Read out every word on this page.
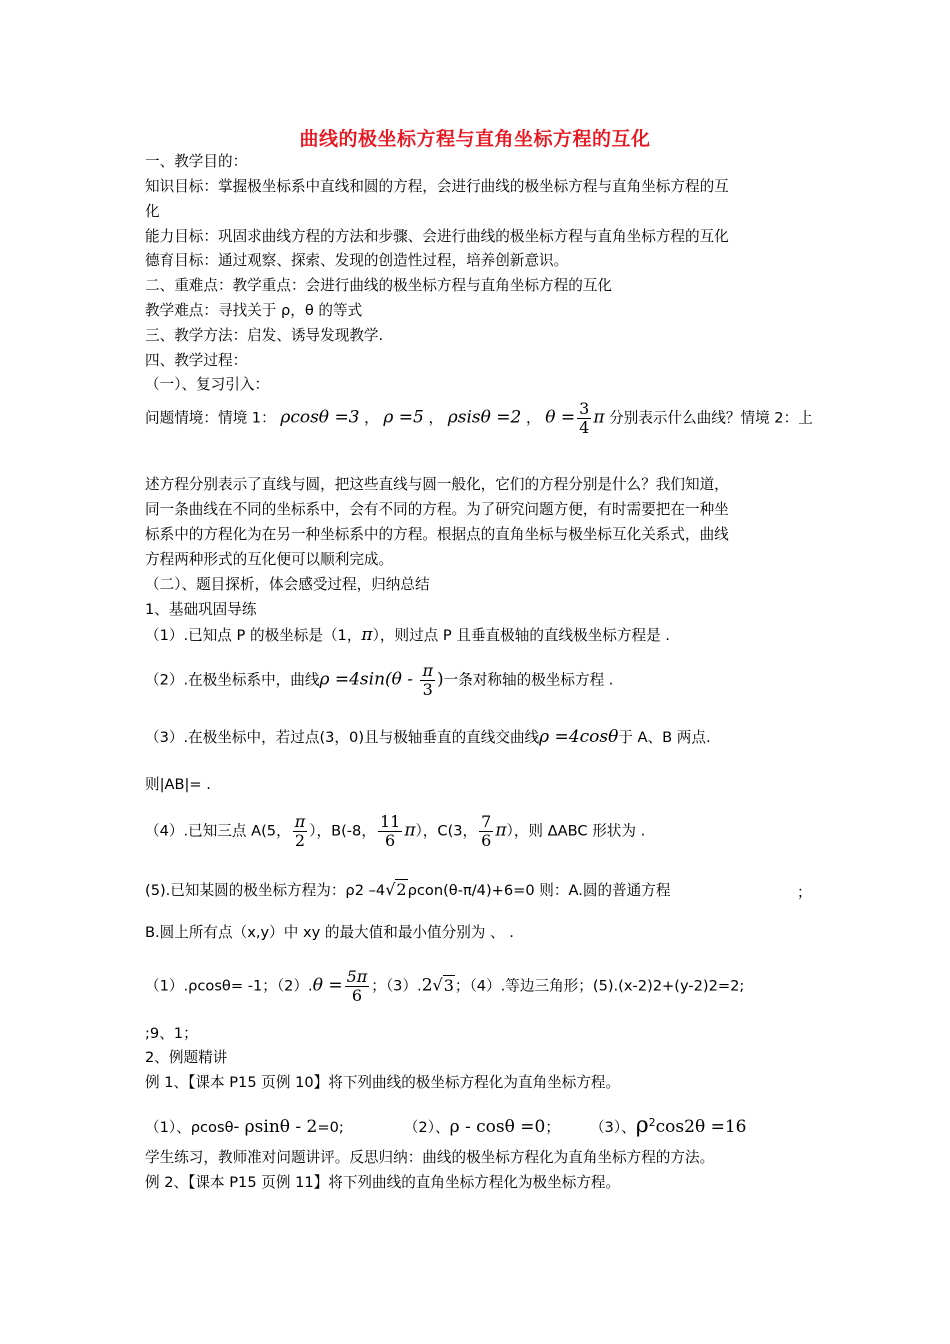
曲线的极坐标方程与直角坐标方程的互化
一、教学目的：
知识目标：掌握极坐标系中直线和圆的方程，会进行曲线的极坐标方程与直角坐标方程的互
化
能力目标：巩固求曲线方程的方法和步骤、会进行曲线的极坐标方程与直角坐标方程的互化
德育目标：通过观察、探索、发现的创造性过程，培养创新意识。
二、重难点：教学重点：会进行曲线的极坐标方程与直角坐标方程的互化
教学难点：寻找关于 ρ，θ 的等式
三、教学方法：启发、诱导发现教学.
四、教学过程：
（一）、复习引入：
问题情境：情境 1： ρcosθ =3 ， ρ =5 ， ρsisθ =2 ， $\theta = \frac{3}{4}$ π 分别表示什么曲线？情境 2：上
述方程分别表示了直线与圆，把这些直线与圆一般化，它们的方程分别是什么？我们知道，
同一条曲线在不同的坐标系中，会有不同的方程。为了研究问题方便，有时需要把在一种坐
标系中的方程化为在另一种坐标系中的方程。根据点的直角坐标与极坐标互化关系式，曲线
方程两种形式的互化便可以顺利完成。
（二）、题目探析，体会感受过程，归纳总结
1、基础巩固导练
（1）.已知点 P 的极坐标是（1，π），则过点 P 且垂直极轴的直线极坐标方程是 .
（2）.在极坐标系中，曲线$\rho =4\sin(\theta - \frac{\pi}{3}$ )一条对称轴的极坐标方程 .
（3）.在极坐标中，若过点(3，0)且与极轴垂直的直线交曲线ρ =4cosθ于 A、B 两点.
则|AB|= .
（4）.已知三点 A(5， $\frac{\pi}{2}$ ），B(-8， $\frac{11}{6} \pi$），C(3， $\frac{7}{6} \pi$），则 ΔABC 形状为 .
(5).已知某圆的极坐标方程为：ρ2 –4√2ρcon(θ-π/4)+6=0 则：A.圆的普通方程	；
B.圆上所有点（x,y）中 xy 的最大值和最小值分别为 、 .
（1）.ρcosθ= -1；$(2).\theta = \frac{5\pi}{6}$ ；（3）.2√3；（4）.等边三角形；(5).(x-2)2+(y-2)2=2;
;9、1；
2、例题精讲
例 1、【课本 P15 页例 10】将下列曲线的极坐标方程化为直角坐标方程。
（1）、ρcosθ- ρsinθ - 2=0;	（2）、ρ - cosθ =0； （3）、$\rho^2\cos 2\theta =16$
学生练习，教师准对问题讲评。反思归纳：曲线的极坐标方程化为直角坐标方程的方法。
例 2、【课本 P15 页例 11】将下列曲线的直角坐标方程化为极坐标方程。
